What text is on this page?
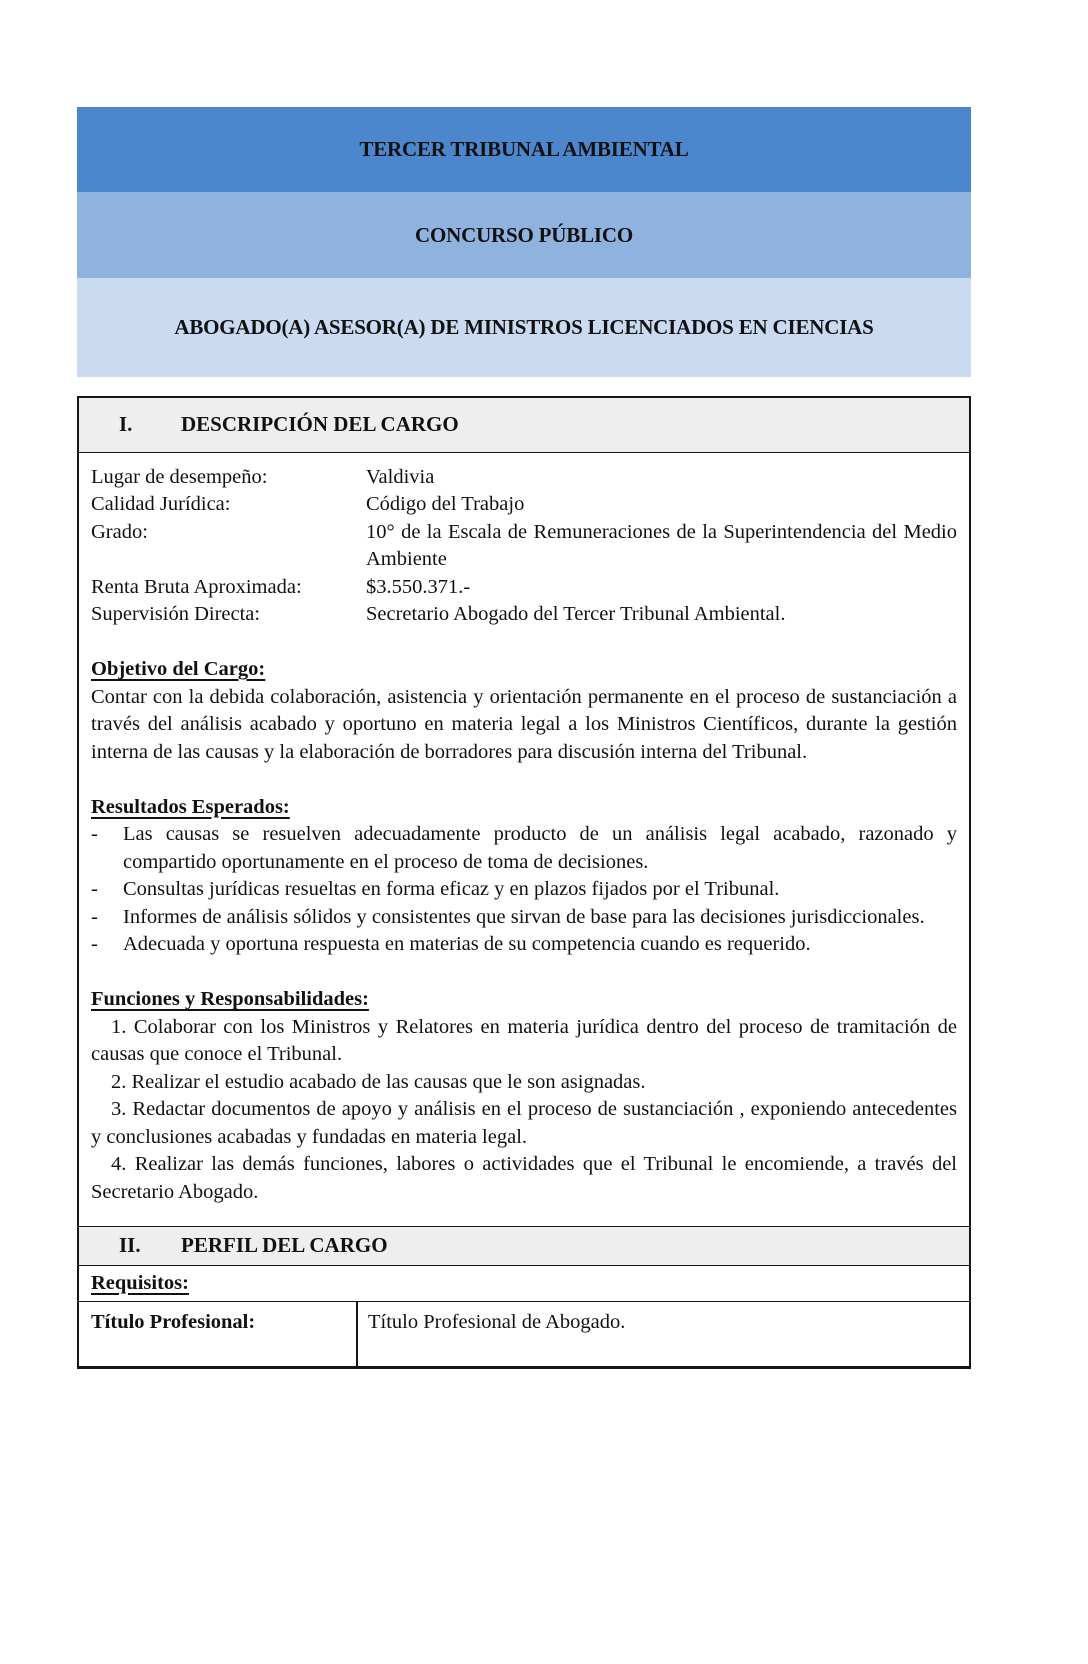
TERCER TRIBUNAL AMBIENTAL
CONCURSO PÚBLICO
ABOGADO(A) ASESOR(A) DE MINISTROS LICENCIADOS EN CIENCIAS
I.	DESCRIPCIÓN DEL CARGO
Lugar de desempeño:	Valdivia
Calidad Jurídica:	Código del Trabajo
Grado:	10° de la Escala de Remuneraciones de la Superintendencia del Medio Ambiente
Renta Bruta Aproximada:	$3.550.371.-
Supervisión Directa:	Secretario Abogado del Tercer Tribunal Ambiental.
Objetivo del Cargo:
Contar con la debida colaboración, asistencia y orientación permanente en el proceso de sustanciación a través del análisis acabado y oportuno en materia legal a los Ministros Científicos, durante la gestión interna de las causas y la elaboración de borradores para discusión interna del Tribunal.
Resultados Esperados:
-	Las causas se resuelven adecuadamente producto de un análisis legal acabado, razonado y compartido oportunamente en el proceso de toma de decisiones.
-	Consultas jurídicas resueltas en forma eficaz y en plazos fijados por el Tribunal.
-	Informes de análisis sólidos y consistentes que sirvan de base para las decisiones jurisdiccionales.
-	Adecuada y oportuna respuesta en materias de su competencia cuando es requerido.
Funciones y Responsabilidades:
1. Colaborar con los Ministros y Relatores en materia jurídica dentro del proceso de tramitación de causas que conoce el Tribunal.
2. Realizar el estudio acabado de las causas que le son asignadas.
3. Redactar documentos de apoyo y análisis en el proceso de sustanciación , exponiendo antecedentes y conclusiones acabadas y fundadas en materia legal.
4. Realizar las demás funciones, labores o actividades que el Tribunal le encomiende, a través del Secretario Abogado.
II.	PERFIL DEL CARGO
Requisitos:
Título Profesional:	Título Profesional de Abogado.
